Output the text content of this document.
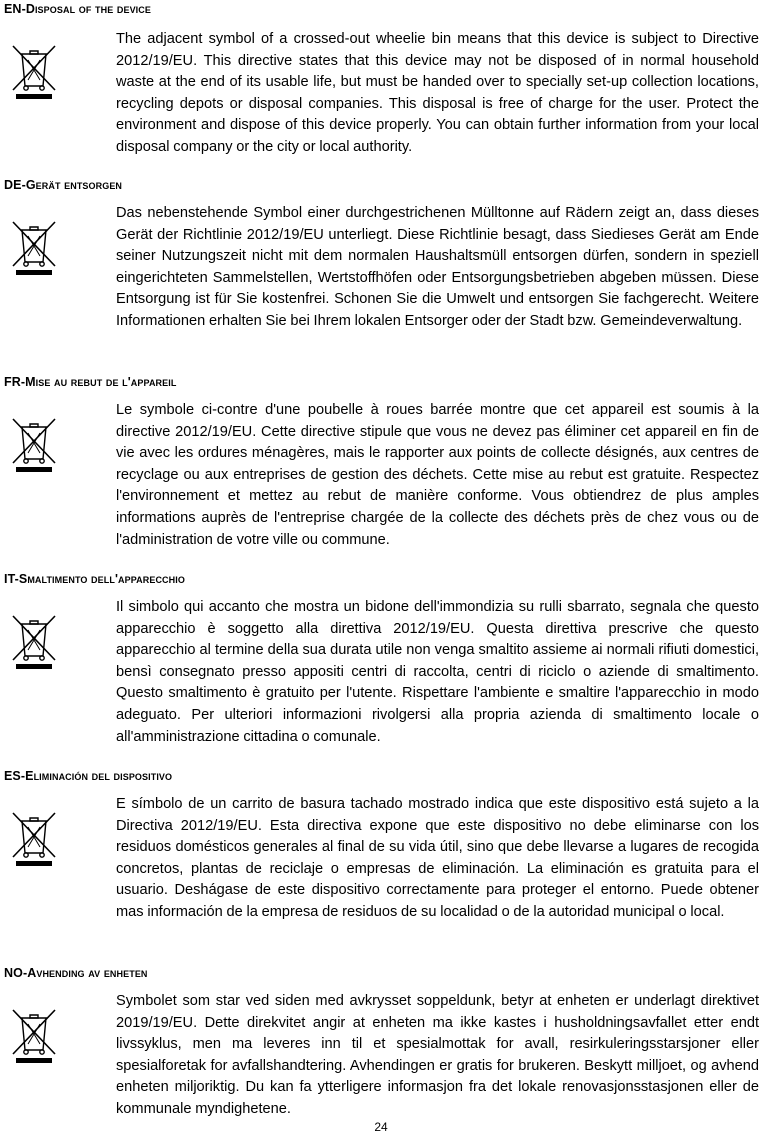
EN-Disposal of the device
The adjacent symbol of a crossed-out wheelie bin means that this device is subject to Directive 2012/19/EU. This directive states that this device may not be disposed of in normal household waste at the end of its usable life, but must be handed over to specially set-up collection locations, recycling depots or disposal companies. This disposal is free of charge for the user. Protect the environment and dispose of this device properly. You can obtain further information from your local disposal company or the city or local authority.
DE-Gerät entsorgen
Das nebenstehende Symbol einer durchgestrichenen Mülltonne auf Rädern zeigt an, dass dieses Gerät der Richtlinie 2012/19/EU unterliegt. Diese Richtlinie besagt, dass Siedieses Gerät am Ende seiner Nutzungszeit nicht mit dem normalen Haushaltsmüll entsorgen dürfen, sondern in speziell eingerichteten Sammelstellen, Wertstoffhöfen oder Entsorgungsbetrieben abgeben müssen. Diese Entsorgung ist für Sie kostenfrei. Schonen Sie die Umwelt und entsorgen Sie fachgerecht. Weitere Informationen erhalten Sie bei Ihrem lokalen Entsorger oder der Stadt bzw. Gemeindeverwaltung.
FR-Mise au rebut de l'appareil
Le symbole ci-contre d'une poubelle à roues barrée montre que cet appareil est soumis à la directive 2012/19/EU. Cette directive stipule que vous ne devez pas éliminer cet appareil en fin de vie avec les ordures ménagères, mais le rapporter aux points de collecte désignés, aux centres de recyclage ou aux entreprises de gestion des déchets. Cette mise au rebut est gratuite. Respectez l'environnement et mettez au rebut de manière conforme. Vous obtiendrez de plus amples informations auprès de l'entreprise chargée de la collecte des déchets près de chez vous ou de l'administration de votre ville ou commune.
IT-Smaltimento dell'apparecchio
Il simbolo qui accanto che mostra un bidone dell'immondizia su rulli sbarrato, segnala che questo apparecchio è soggetto alla direttiva 2012/19/EU. Questa direttiva prescrive che questo apparecchio al termine della sua durata utile non venga smaltito assieme ai normali rifiuti domestici, bensì consegnato presso appositi centri di raccolta, centri di riciclo o aziende di smaltimento. Questo smaltimento è gratuito per l'utente. Rispettare l'ambiente e smaltire l'apparecchio in modo adeguato. Per ulteriori informazioni rivolgersi alla propria azienda di smaltimento locale o all'amministrazione cittadina o comunale.
ES-Eliminación del dispositivo
E símbolo de un carrito de basura tachado mostrado indica que este dispositivo está sujeto a la Directiva 2012/19/EU. Esta directiva expone que este dispositivo no debe eliminarse con los residuos domésticos generales al final de su vida útil, sino que debe llevarse a lugares de recogida concretos, plantas de reciclaje o empresas de eliminación. La eliminación es gratuita para el usuario. Deshágase de este dispositivo correctamente para proteger el entorno. Puede obtener mas información de la empresa de residuos de su localidad o de la autoridad municipal o local.
NO-Avhending av enheten
Symbolet som star ved siden med avkrysset soppeldunk, betyr at enheten er underlagt direktivet 2019/19/EU. Dette direkvitet angir at enheten ma ikke kastes i husholdningsavfallet etter endt livssyklus, men ma leveres inn til et spesialmottak for avall, resirkuleringsstarsjoner eller spesialforetak for avfallshandtering. Avhendingen er gratis for brukeren. Beskytt milljoet, og avhend enheten miljoriktig. Du kan fa ytterligere informasjon fra det lokale renovasjonsstasjonen eller de kommunale myndighetene.
24
